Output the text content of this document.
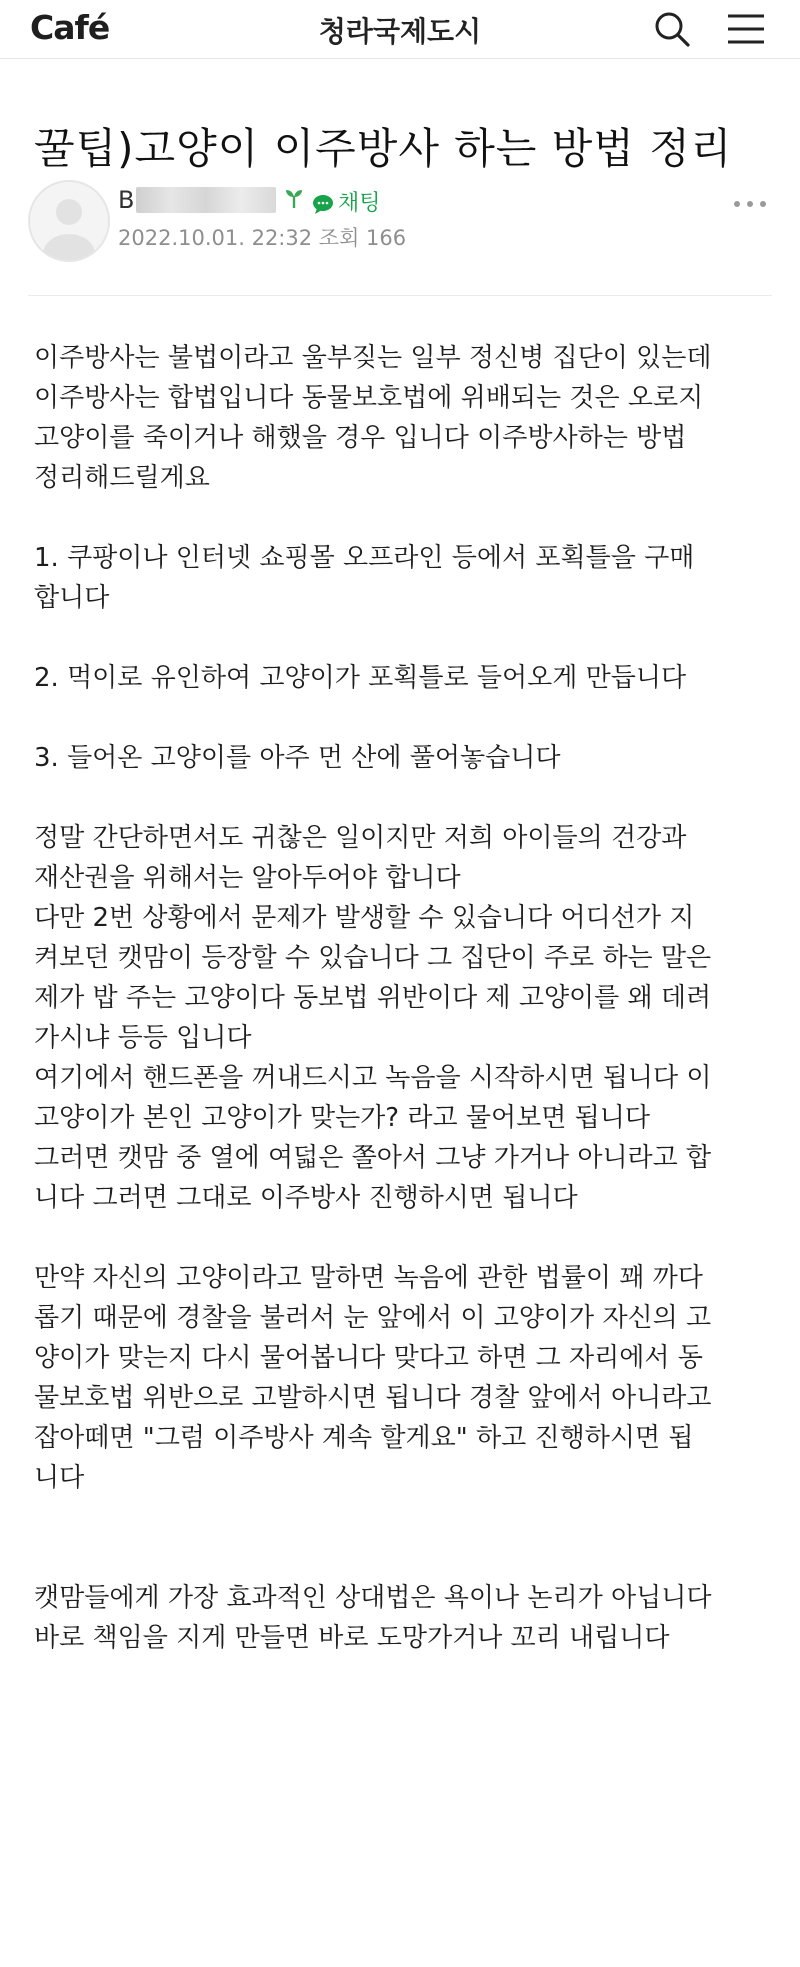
Café	청라국제도시
꿀팁)고양이 이주방사 하는 방법 정리
B	채팅
2022.10.01. 22:32 조회 166

이주방사는 불법이라고 울부짖는 일부 정신병 집단이 있는데

이주방사는 합법입니다 동물보호법에 위배되는 것은 오로지

고양이를 죽이거나 해했을 경우 입니다 이주방사하는 방법

정리해드릴게요

1. 쿠팡이나 인터넷 쇼핑몰 오프라인 등에서 포획틀을 구매

합니다

2. 먹이로 유인하여 고양이가 포획틀로 들어오게 만듭니다

3. 들어온 고양이를 아주 먼 산에 풀어놓습니다

정말 간단하면서도 귀찮은 일이지만 저희 아이들의 건강과

재산권을 위해서는 알아두어야 합니다

다만 2번 상황에서 문제가 발생할 수 있습니다 어디선가 지

켜보던 캣맘이 등장할 수 있습니다 그 집단이 주로 하는 말은

제가 밥 주는 고양이다 동보법 위반이다 제 고양이를 왜 데려

가시냐 등등 입니다

여기에서 핸드폰을 꺼내드시고 녹음을 시작하시면 됩니다 이

고양이가 본인 고양이가 맞는가? 라고 물어보면 됩니다

그러면 캣맘 중 열에 여덟은 쫄아서 그냥 가거나 아니라고 합

니다 그러면 그대로 이주방사 진행하시면 됩니다

만약 자신의 고양이라고 말하면 녹음에 관한 법률이 꽤 까다

롭기 때문에 경찰을 불러서 눈 앞에서 이 고양이가 자신의 고

양이가 맞는지 다시 물어봅니다 맞다고 하면 그 자리에서 동

물보호법 위반으로 고발하시면 됩니다 경찰 앞에서 아니라고

잡아떼면 "그럼 이주방사 계속 할게요" 하고 진행하시면 됩

니다

캣맘들에게 가장 효과적인 상대법은 욕이나 논리가 아닙니다

바로 책임을 지게 만들면 바로 도망가거나 꼬리 내립니다
